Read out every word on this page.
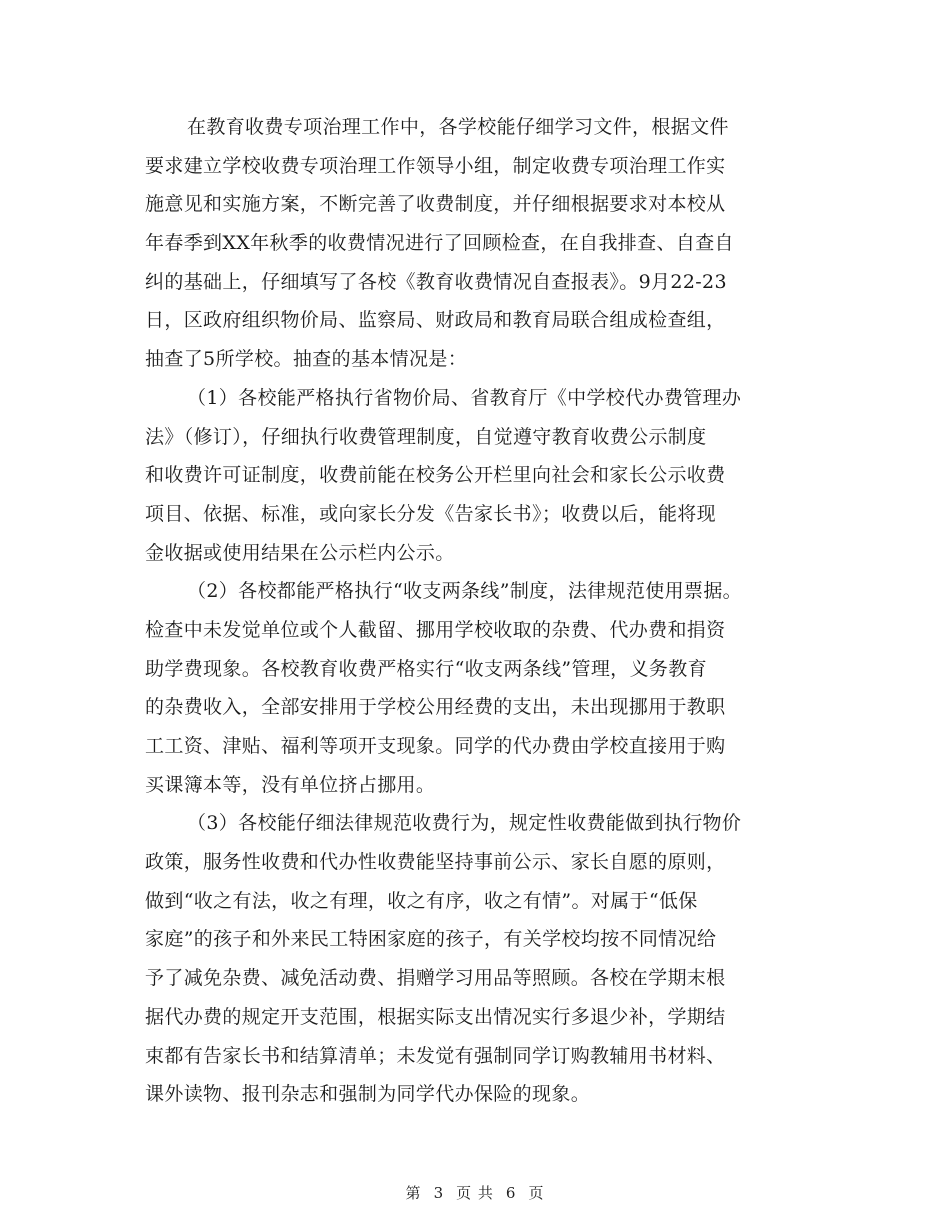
在教育收费专项治理工作中，各学校能仔细学习文件，根据文件
要求建立学校收费专项治理工作领导小组，制定收费专项治理工作实
施意见和实施方案，不断完善了收费制度，并仔细根据要求对本校从
年春季到XX年秋季的收费情况进行了回顾检查，在自我排查、自查自
纠的基础上，仔细填写了各校《教育收费情况自查报表》。9月22-23
日，区政府组织物价局、监察局、财政局和教育局联合组成检查组，
抽查了5所学校。抽查的基本情况是：
（1）各校能严格执行省物价局、省教育厅《中学校代办费管理办
法》（修订），仔细执行收费管理制度，自觉遵守教育收费公示制度
和收费许可证制度，收费前能在校务公开栏里向社会和家长公示收费
项目、依据、标准，或向家长分发《告家长书》；收费以后，能将现
金收据或使用结果在公示栏内公示。
（2）各校都能严格执行“收支两条线”制度，法律规范使用票据。
检查中未发觉单位或个人截留、挪用学校收取的杂费、代办费和捐资
助学费现象。各校教育收费严格实行“收支两条线”管理，义务教育
的杂费收入，全部安排用于学校公用经费的支出，未出现挪用于教职
工工资、津贴、福利等项开支现象。同学的代办费由学校直接用于购
买课簿本等，没有单位挤占挪用。
（3）各校能仔细法律规范收费行为，规定性收费能做到执行物价
政策，服务性收费和代办性收费能坚持事前公示、家长自愿的原则，
做到“收之有法，收之有理，收之有序，收之有情”。对属于“低保
家庭”的孩子和外来民工特困家庭的孩子，有关学校均按不同情况给
予了减免杂费、减免活动费、捐赠学习用品等照顾。各校在学期末根
据代办费的规定开支范围，根据实际支出情况实行多退少补，学期结
束都有告家长书和结算清单；未发觉有强制同学订购教辅用书材料、
课外读物、报刊杂志和强制为同学代办保险的现象。
第 3 页 共 6 页
